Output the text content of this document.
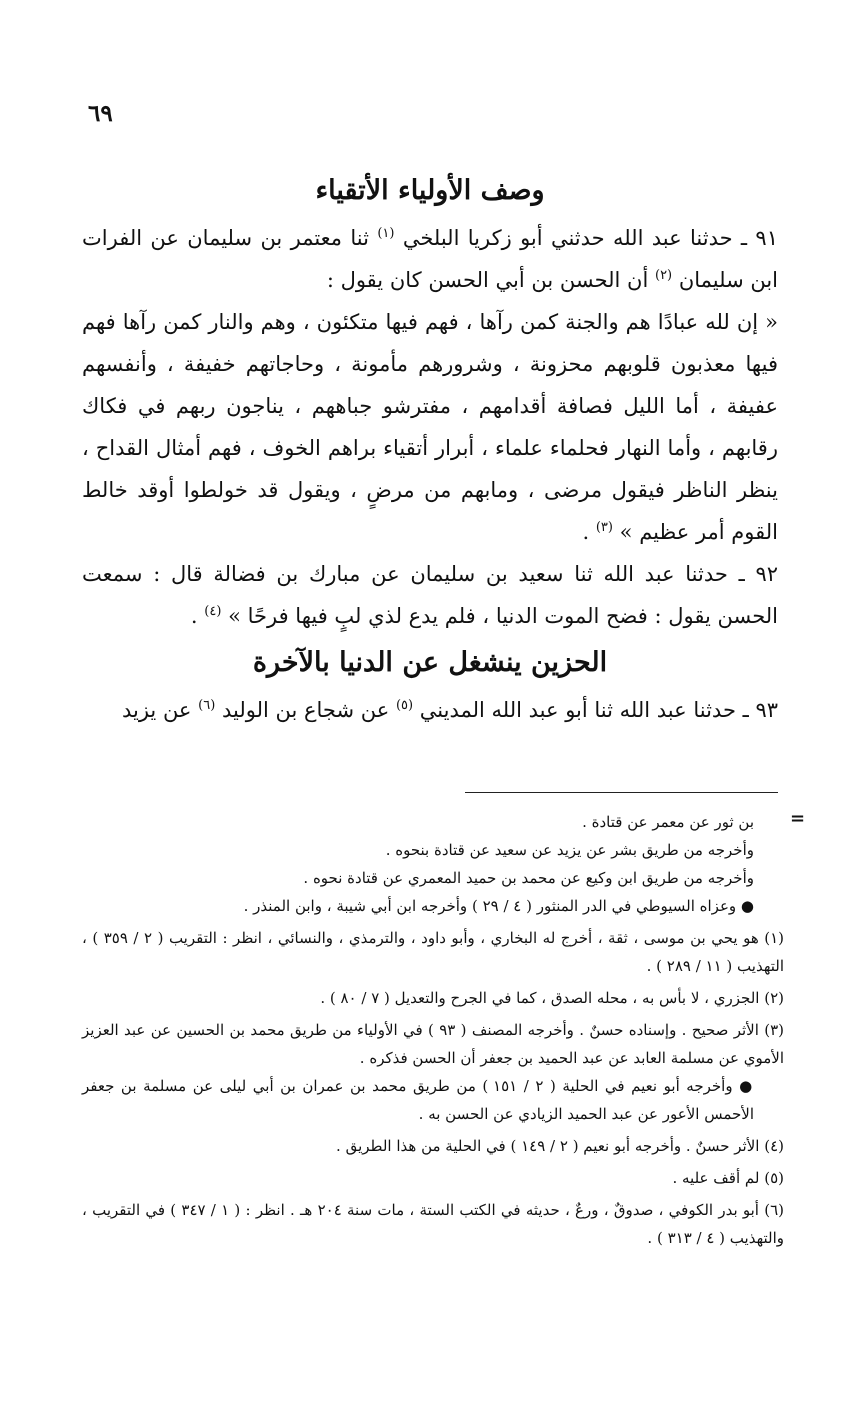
٦٩
وصف الأولياء الأتقياء

٩١ ـ حدثنا عبد الله حدثني أبو زكريا البلخي $^{(١)}$ ثنا معتمر بن سليمان عن الفرات ابن سليمان $^{(٢)}$ أن الحسن بن أبي الحسن كان يقول :

« إن لله عبادًا هم والجنة كمن رآها ، فهم فيها متكئون ، وهم والنار كمن رآها فهم فيها معذبون قلوبهم محزونة ، وشرورهم مأمونة ، وحاجاتهم خفيفة ، وأنفسهم عفيفة ، أما الليل فصافة أقدامهم ، مفترشو جباههم ، يناجون ربهم في فكاك رقابهم ، وأما النهار فحلماء علماء ، أبرار أتقياء براهم الخوف ، فهم أمثال القداح ، ينظر الناظر فيقول مرضى ، ومابهم من مرضٍ ، ويقول قد خولطوا أوقد خالط القوم أمر عظيم » $^{(٣)}$ .

٩٢ ـ حدثنا عبد الله ثنا سعيد بن سليمان عن مبارك بن فضالة قال : سمعت الحسن يقول : فضح الموت الدنيا ، فلم يدع لذي لبٍ فيها فرحًا » $^{(٤)}$ .

الحزين ينشغل عن الدنيا بالآخرة

٩٣ ـ حدثنا عبد الله ثنا أبو عبد الله المديني $^{(٥)}$ عن شجاع بن الوليد $^{(٦)}$ عن يزيد

=

بن ثور عن معمر عن قتادة .

وأخرجه من طريق بشر عن يزيد عن سعيد عن قتادة بنحوه .

وأخرجه من طريق ابن وكيع عن محمد بن حميد المعمري عن قتادة نحوه .

● وعزاه السيوطي في الدر المنثور ( ٤ / ٢٩ ) وأخرجه ابن أبي شيبة ، وابن المنذر .

(١) هو يحي بن موسى ، ثقة ، أخرج له البخاري ، وأبو داود ، والترمذي ، والنسائي ، انظر : التقريب ( ٢ / ٣٥٩ ) ، التهذيب ( ١١ / ٢٨٩ ) .

(٢) الجزري ، لا بأس به ، محله الصدق ، كما في الجرح والتعديل ( ٧ / ٨٠ ) .

(٣) الأثر صحيح . وإسناده حسنٌ . وأخرجه المصنف ( ٩٣ ) في الأولياء من طريق محمد بن الحسين عن عبد العزيز الأموي عن مسلمة العابد عن عبد الحميد بن جعفر أن الحسن فذكره .

● وأخرجه أبو نعيم في الحلية ( ٢ / ١٥١ ) من طريق محمد بن عمران بن أبي ليلى عن مسلمة بن جعفر الأحمس الأعور عن عبد الحميد الزيادي عن الحسن به .

(٤) الأثر حسنٌ . وأخرجه أبو نعيم ( ٢ / ١٤٩ ) في الحلية من هذا الطريق .

(٥) لم أقف عليه .

(٦) أبو بدر الكوفي ، صدوقٌ ، ورعٌ ، حديثه في الكتب الستة ، مات سنة ٢٠٤ هـ . انظر : ( ١ / ٣٤٧ ) في التقريب ، والتهذيب ( ٤ / ٣١٣ ) .
